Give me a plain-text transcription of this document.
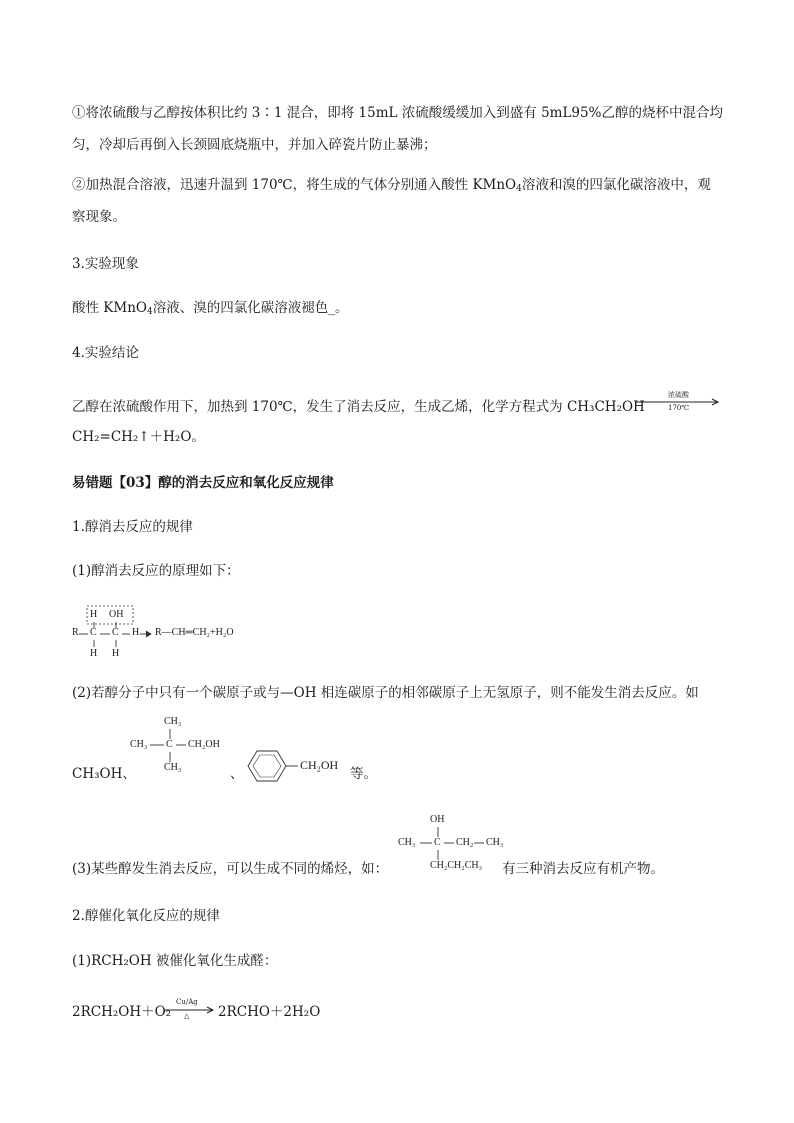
①将浓硫酸与乙醇按体积比约 3∶1 混合，即将 15mL 浓硫酸缓缓加入到盛有 5mL95%乙醇的烧杯中混合均
匀，冷却后再倒入长颈圆底烧瓶中，并加入碎瓷片防止暴沸；
②加热混合溶液，迅速升温到 170℃，将生成的气体分别通入酸性 KMnO$_4$溶液和溴的四氯化碳溶液中，观
察现象。
3.实验现象
酸性 KMnO$_4$溶液、溴的四氯化碳溶液褪色_。
4.实验结论
乙醇在浓硫酸作用下，加热到 170℃，发生了消去反应，生成乙烯，化学方程式为 CH₃CH₂OH
浓硫酸
170℃
CH₂=CH₂↑＋H₂O。
易错题【03】醇的消去反应和氧化反应规律
1.醇消去反应的规律
(1)醇消去反应的原理如下：
H OH
R C C H
H H
R—CH═CH₂+H₂O
(2)若醇分子中只有一个碳原子或与—OH 相连碳原子的相邻碳原子上无氢原子，则不能发生消去反应。如
CH₃OH、
CH₃
CH₃ C CH₂OH
CH₃	、
CH₂OH
等。
(3)某些醇发生消去反应，可以生成不同的烯烃，如：
OH
CH₃ C CH₂ CH₃
CH₂CH₂CH₃ 有三种消去反应有机产物。
2.醇催化氧化反应的规律
(1)RCH₂OH 被催化氧化生成醛：
2RCH₂OH＋O₂
Cu/Ag
△ 2RCHO＋2H₂O
